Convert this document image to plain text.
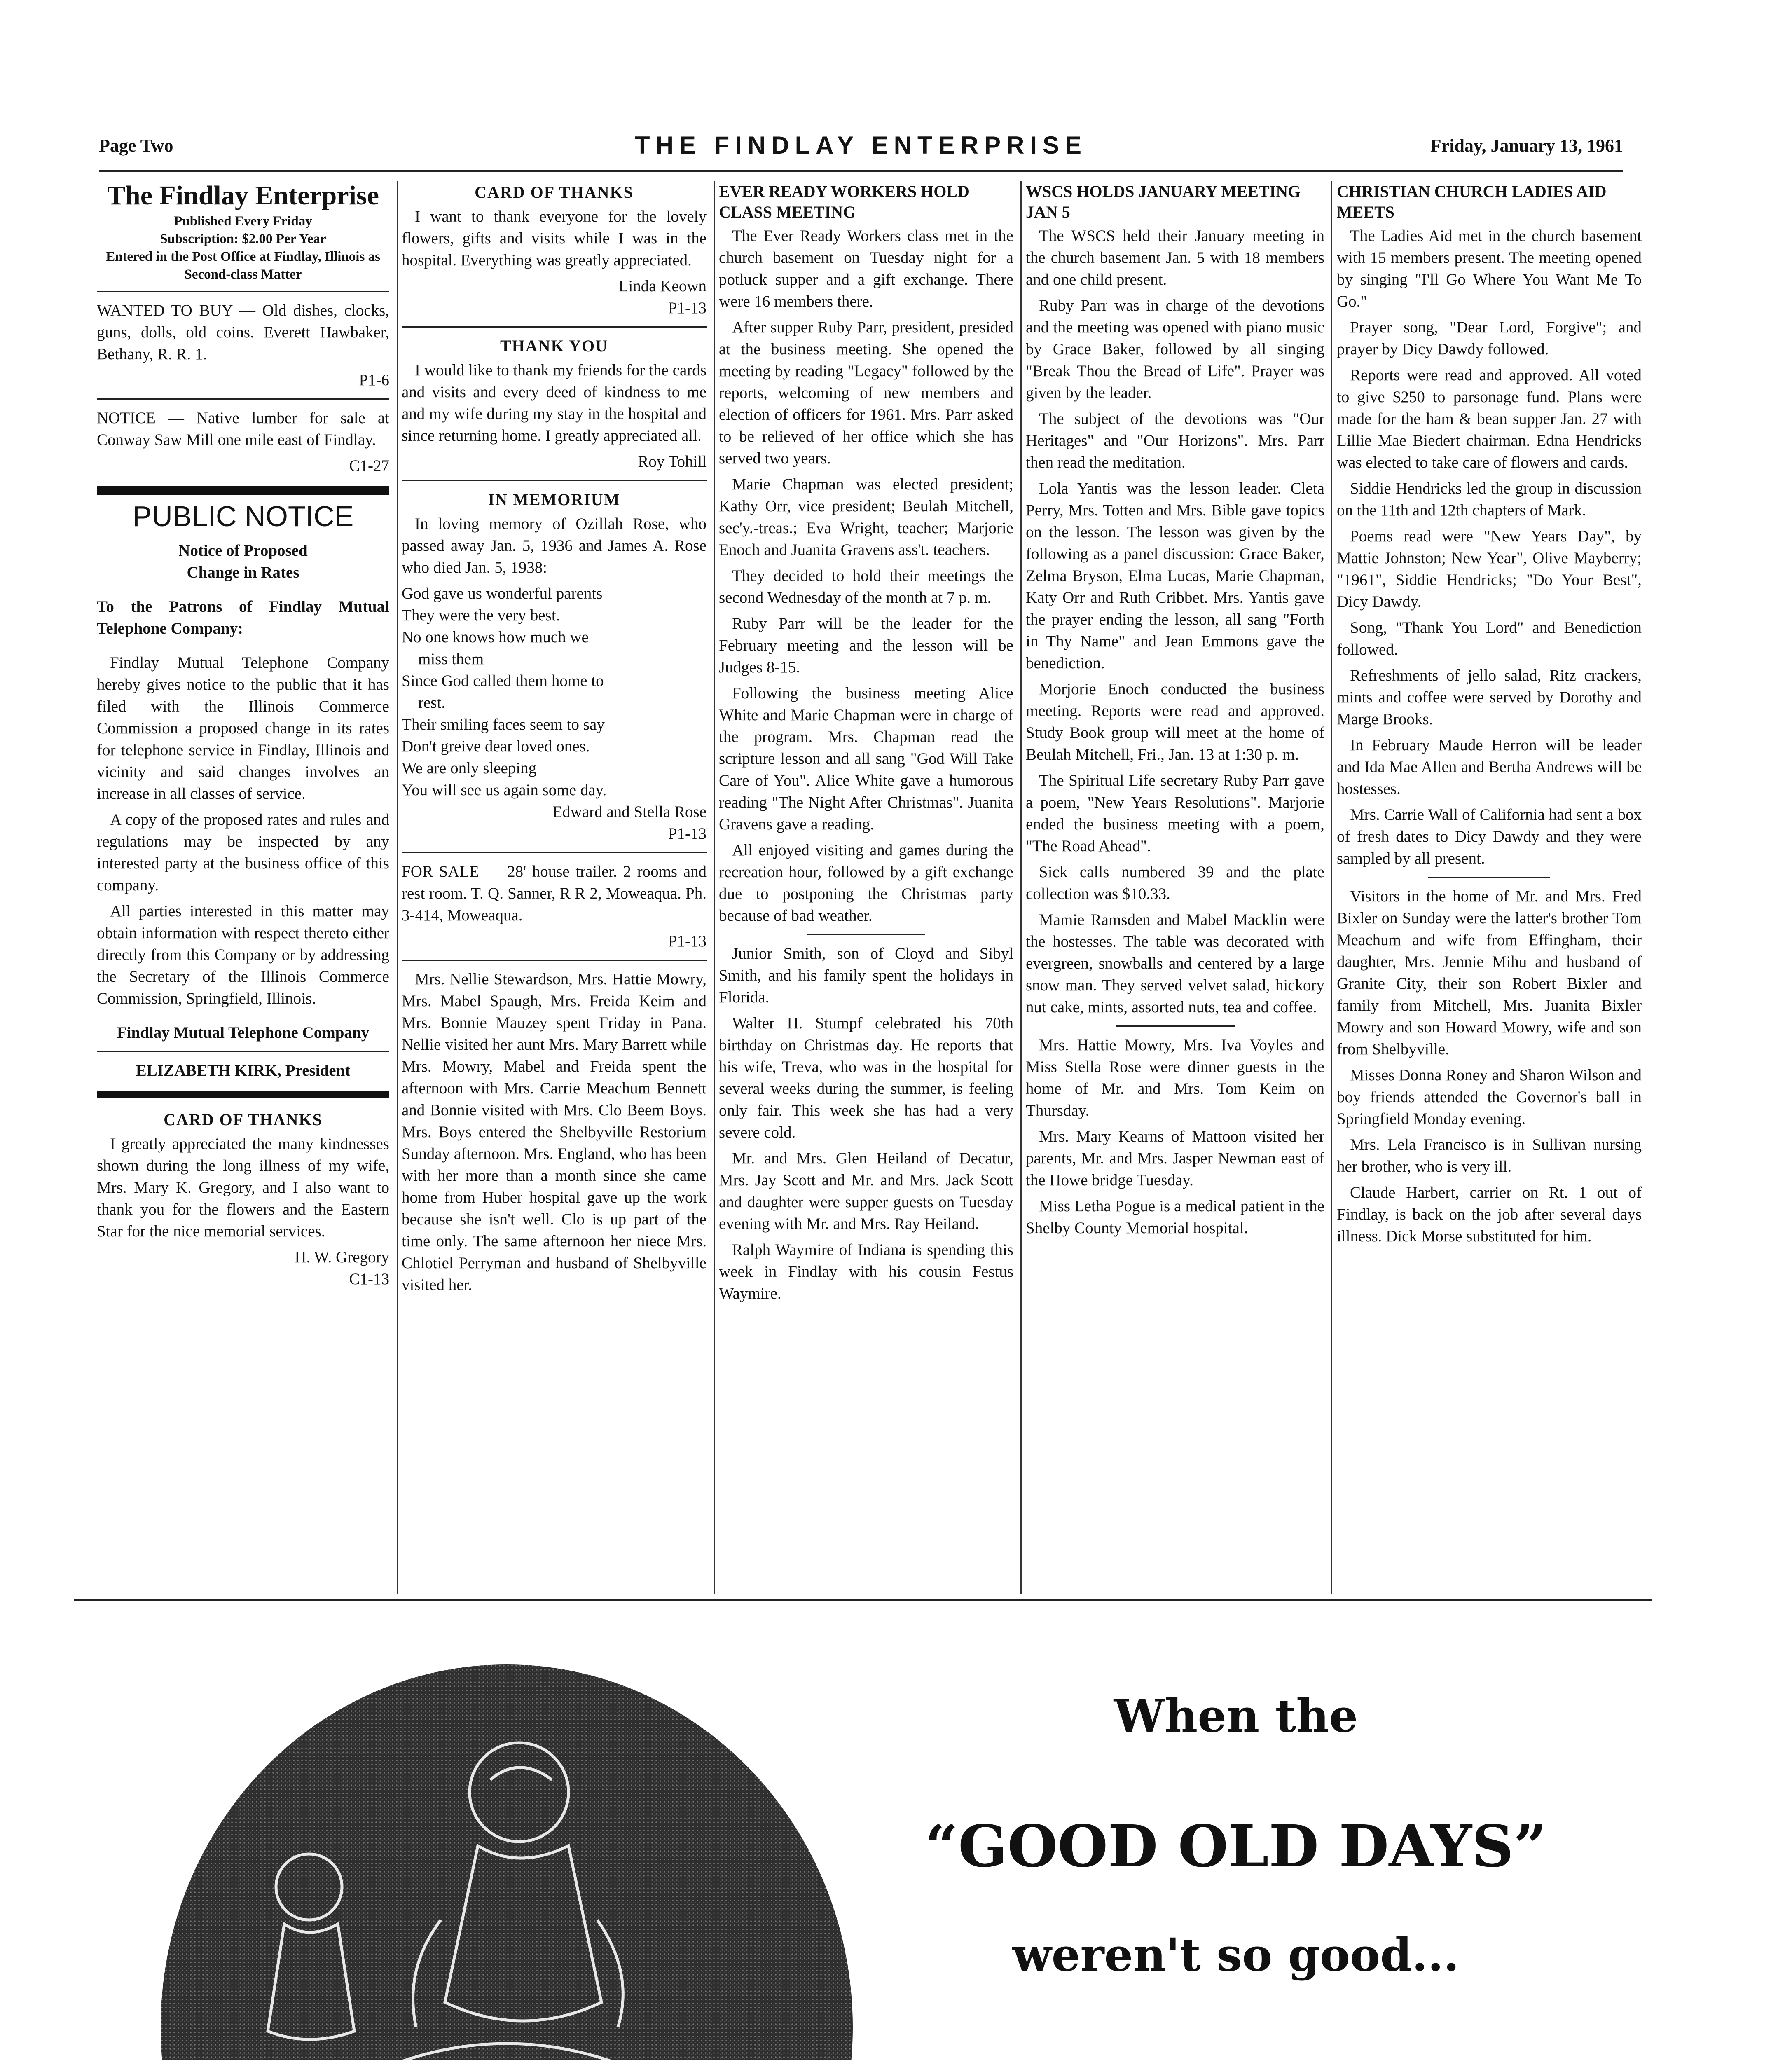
Page Two	THE FINDLAY ENTERPRISE	Friday, January 13, 1961
The Findlay Enterprise
Published Every Friday
Subscription: $2.00 Per Year
Entered in the Post Office at Findlay, Illinois as Second-class Matter

WANTED TO BUY — Old dishes, clocks, guns, dolls, old coins. Everett Hawbaker, Bethany, R. R. 1.

P1-6

NOTICE — Native lumber for sale at Conway Saw Mill one mile east of Findlay.

C1-27

PUBLIC NOTICE

Notice of Proposed

Change in Rates

To the Patrons of Findlay Mutual Telephone Company:

Findlay Mutual Telephone Company hereby gives notice to the public that it has filed with the Illinois Commerce Commission a proposed change in its rates for telephone service in Findlay, Illinois and vicinity and said changes involves an increase in all classes of service.

A copy of the proposed rates and rules and regulations may be inspected by any interested party at the business office of this company.

All parties interested in this matter may obtain information with respect thereto either directly from this Company or by addressing the Secretary of the Illinois Commerce Commission, Springfield, Illinois.

Findlay Mutual Telephone Company

ELIZABETH KIRK, President

CARD OF THANKS

I greatly appreciated the many kindnesses shown during the long illness of my wife, Mrs. Mary K. Gregory, and I also want to thank you for the flowers and the Eastern Star for the nice memorial services.

H. W. Gregory

C1-13

CARD OF THANKS

I want to thank everyone for the lovely flowers, gifts and visits while I was in the hospital. Everything was greatly appreciated.

Linda Keown

P1-13

THANK YOU

I would like to thank my friends for the cards and visits and every deed of kindness to me and my wife during my stay in the hospital and since returning home. I greatly appreciated all.

Roy Tohill

IN MEMORIUM

In loving memory of Ozillah Rose, who passed away Jan. 5, 1936 and James A. Rose who died Jan. 5, 1938:

God gave us wonderful parents

They were the very best.

No one knows how much we

miss them

Since God called them home to

rest.

Their smiling faces seem to say

Don't greive dear loved ones.

We are only sleeping

You will see us again some day.

Edward and Stella Rose

P1-13

FOR SALE — 28' house trailer. 2 rooms and rest room. T. Q. Sanner, R R 2, Moweaqua. Ph. 3-414, Moweaqua.

P1-13

Mrs. Nellie Stewardson, Mrs. Hattie Mowry, Mrs. Mabel Spaugh, Mrs. Freida Keim and Mrs. Bonnie Mauzey spent Friday in Pana. Nellie visited her aunt Mrs. Mary Barrett while Mrs. Mowry, Mabel and Freida spent the afternoon with Mrs. Carrie Meachum Bennett and Bonnie visited with Mrs. Clo Beem Boys. Mrs. Boys entered the Shelbyville Restorium Sunday afternoon. Mrs. England, who has been with her more than a month since she came home from Huber hospital gave up the work because she isn't well. Clo is up part of the time only. The same afternoon her niece Mrs. Chlotiel Perryman and husband of Shelbyville visited her.

EVER READY WORKERS HOLD CLASS MEETING

The Ever Ready Workers class met in the church basement on Tuesday night for a potluck supper and a gift exchange. There were 16 members there.

After supper Ruby Parr, president, presided at the business meeting. She opened the meeting by reading "Legacy" followed by the reports, welcoming of new members and election of officers for 1961. Mrs. Parr asked to be relieved of her office which she has served two years.

Marie Chapman was elected president; Kathy Orr, vice president; Beulah Mitchell, sec'y.-treas.; Eva Wright, teacher; Marjorie Enoch and Juanita Gravens ass't. teachers.

They decided to hold their meetings the second Wednesday of the month at 7 p. m.

Ruby Parr will be the leader for the February meeting and the lesson will be Judges 8-15.

Following the business meeting Alice White and Marie Chapman were in charge of the program. Mrs. Chapman read the scripture lesson and all sang "God Will Take Care of You". Alice White gave a humorous reading "The Night After Christmas". Juanita Gravens gave a reading.

All enjoyed visiting and games during the recreation hour, followed by a gift exchange due to postponing the Christmas party because of bad weather.

Junior Smith, son of Cloyd and Sibyl Smith, and his family spent the holidays in Florida.

Walter H. Stumpf celebrated his 70th birthday on Christmas day. He reports that his wife, Treva, who was in the hospital for several weeks during the summer, is feeling only fair. This week she has had a very severe cold.

Mr. and Mrs. Glen Heiland of Decatur, Mrs. Jay Scott and Mr. and Mrs. Jack Scott and daughter were supper guests on Tuesday evening with Mr. and Mrs. Ray Heiland.

Ralph Waymire of Indiana is spending this week in Findlay with his cousin Festus Waymire.

WSCS HOLDS JANUARY MEETING JAN 5

The WSCS held their January meeting in the church basement Jan. 5 with 18 members and one child present.

Ruby Parr was in charge of the devotions and the meeting was opened with piano music by Grace Baker, followed by all singing "Break Thou the Bread of Life". Prayer was given by the leader.

The subject of the devotions was "Our Heritages" and "Our Horizons". Mrs. Parr then read the meditation.

Lola Yantis was the lesson leader. Cleta Perry, Mrs. Totten and Mrs. Bible gave topics on the lesson. The lesson was given by the following as a panel discussion: Grace Baker, Zelma Bryson, Elma Lucas, Marie Chapman, Katy Orr and Ruth Cribbet. Mrs. Yantis gave the prayer ending the lesson, all sang "Forth in Thy Name" and Jean Emmons gave the benediction.

Morjorie Enoch conducted the business meeting. Reports were read and approved. Study Book group will meet at the home of Beulah Mitchell, Fri., Jan. 13 at 1:30 p. m.

The Spiritual Life secretary Ruby Parr gave a poem, "New Years Resolutions". Marjorie ended the business meeting with a poem, "The Road Ahead".

Sick calls numbered 39 and the plate collection was $10.33.

Mamie Ramsden and Mabel Macklin were the hostesses. The table was decorated with evergreen, snowballs and centered by a large snow man. They served velvet salad, hickory nut cake, mints, assorted nuts, tea and coffee.

Mrs. Hattie Mowry, Mrs. Iva Voyles and Miss Stella Rose were dinner guests in the home of Mr. and Mrs. Tom Keim on Thursday.

Mrs. Mary Kearns of Mattoon visited her parents, Mr. and Mrs. Jasper Newman east of the Howe bridge Tuesday.

Miss Letha Pogue is a medical patient in the Shelby County Memorial hospital.

CHRISTIAN CHURCH LADIES AID MEETS

The Ladies Aid met in the church basement with 15 members present. The meeting opened by singing "I'll Go Where You Want Me To Go."

Prayer song, "Dear Lord, Forgive"; and prayer by Dicy Dawdy followed.

Reports were read and approved. All voted to give $250 to parsonage fund. Plans were made for the ham & bean supper Jan. 27 with Lillie Mae Biedert chairman. Edna Hendricks was elected to take care of flowers and cards.

Siddie Hendricks led the group in discussion on the 11th and 12th chapters of Mark.

Poems read were "New Years Day", by Mattie Johnston; New Year", Olive Mayberry; "1961", Siddie Hendricks; "Do Your Best", Dicy Dawdy.

Song, "Thank You Lord" and Benediction followed.

Refreshments of jello salad, Ritz crackers, mints and coffee were served by Dorothy and Marge Brooks.

In February Maude Herron will be leader and Ida Mae Allen and Bertha Andrews will be hostesses.

Mrs. Carrie Wall of California had sent a box of fresh dates to Dicy Dawdy and they were sampled by all present.

Visitors in the home of Mr. and Mrs. Fred Bixler on Sunday were the latter's brother Tom Meachum and wife from Effingham, their daughter, Mrs. Jennie Mihu and husband of Granite City, their son Robert Bixler and family from Mitchell, Mrs. Juanita Bixler Mowry and son Howard Mowry, wife and son from Shelbyville.

Misses Donna Roney and Sharon Wilson and boy friends attended the Governor's ball in Springfield Monday evening.

Mrs. Lela Francisco is in Sullivan nursing her brother, who is very ill.

Claude Harbert, carrier on Rt. 1 out of Findlay, is back on the job after several days illness. Dick Morse substituted for him.

When the
“GOOD OLD DAYS”
weren't so good...
